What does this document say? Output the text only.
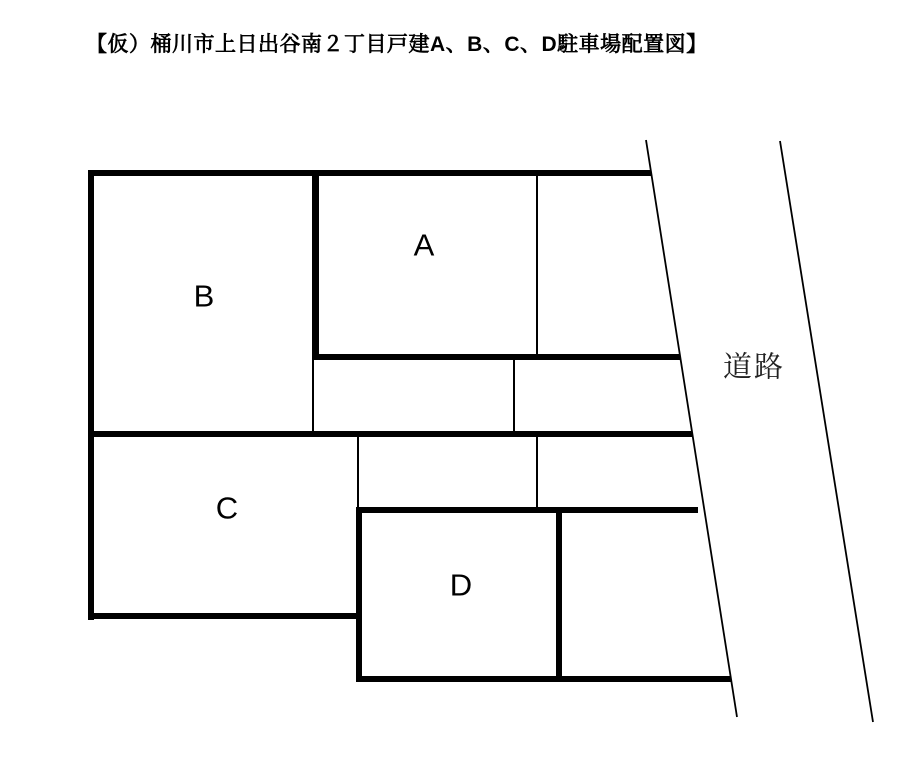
【仮）桶川市上日出谷南２丁目戸建A、B、C、D駐車場配置図】
A
B
C
D
道路
